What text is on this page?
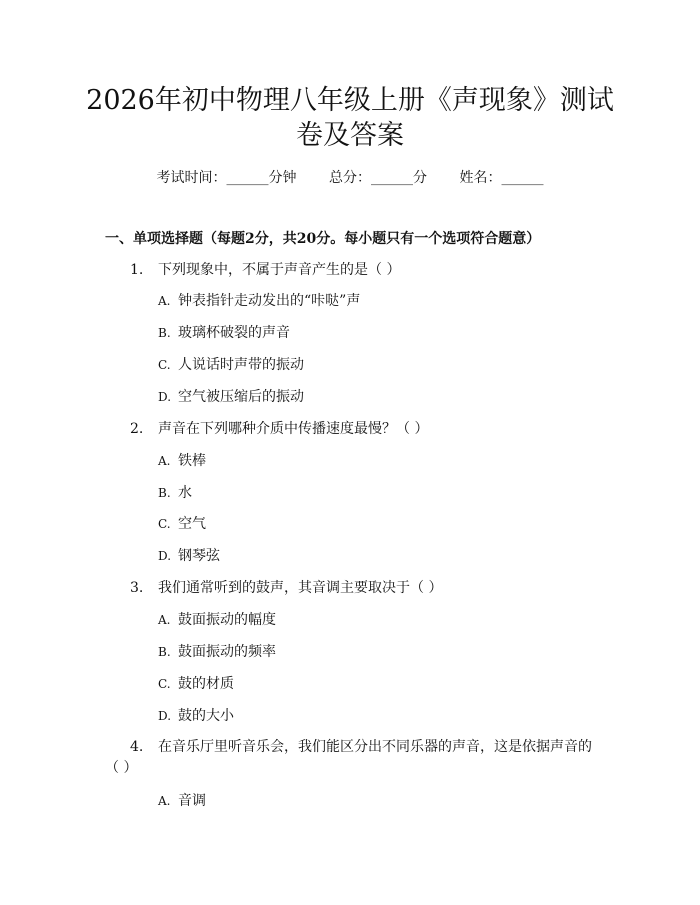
2026年初中物理八年级上册《声现象》测试
卷及答案
考试时间：______分钟 总分：______分 姓名：______
一、单项选择题（每题2分，共20分。每小题只有一个选项符合题意）
1. 下列现象中，不属于声音产生的是（ ）
A. 钟表指针走动发出的“咔哒”声
B. 玻璃杯破裂的声音
C. 人说话时声带的振动
D. 空气被压缩后的振动
2. 声音在下列哪种介质中传播速度最慢？（ ）
A. 铁棒
B. 水
C. 空气
D. 钢琴弦
3. 我们通常听到的鼓声，其音调主要取决于（ ）
A. 鼓面振动的幅度
B. 鼓面振动的频率
C. 鼓的材质
D. 鼓的大小
4. 在音乐厅里听音乐会，我们能区分出不同乐器的声音，这是依据声音的
（ ）
A. 音调
